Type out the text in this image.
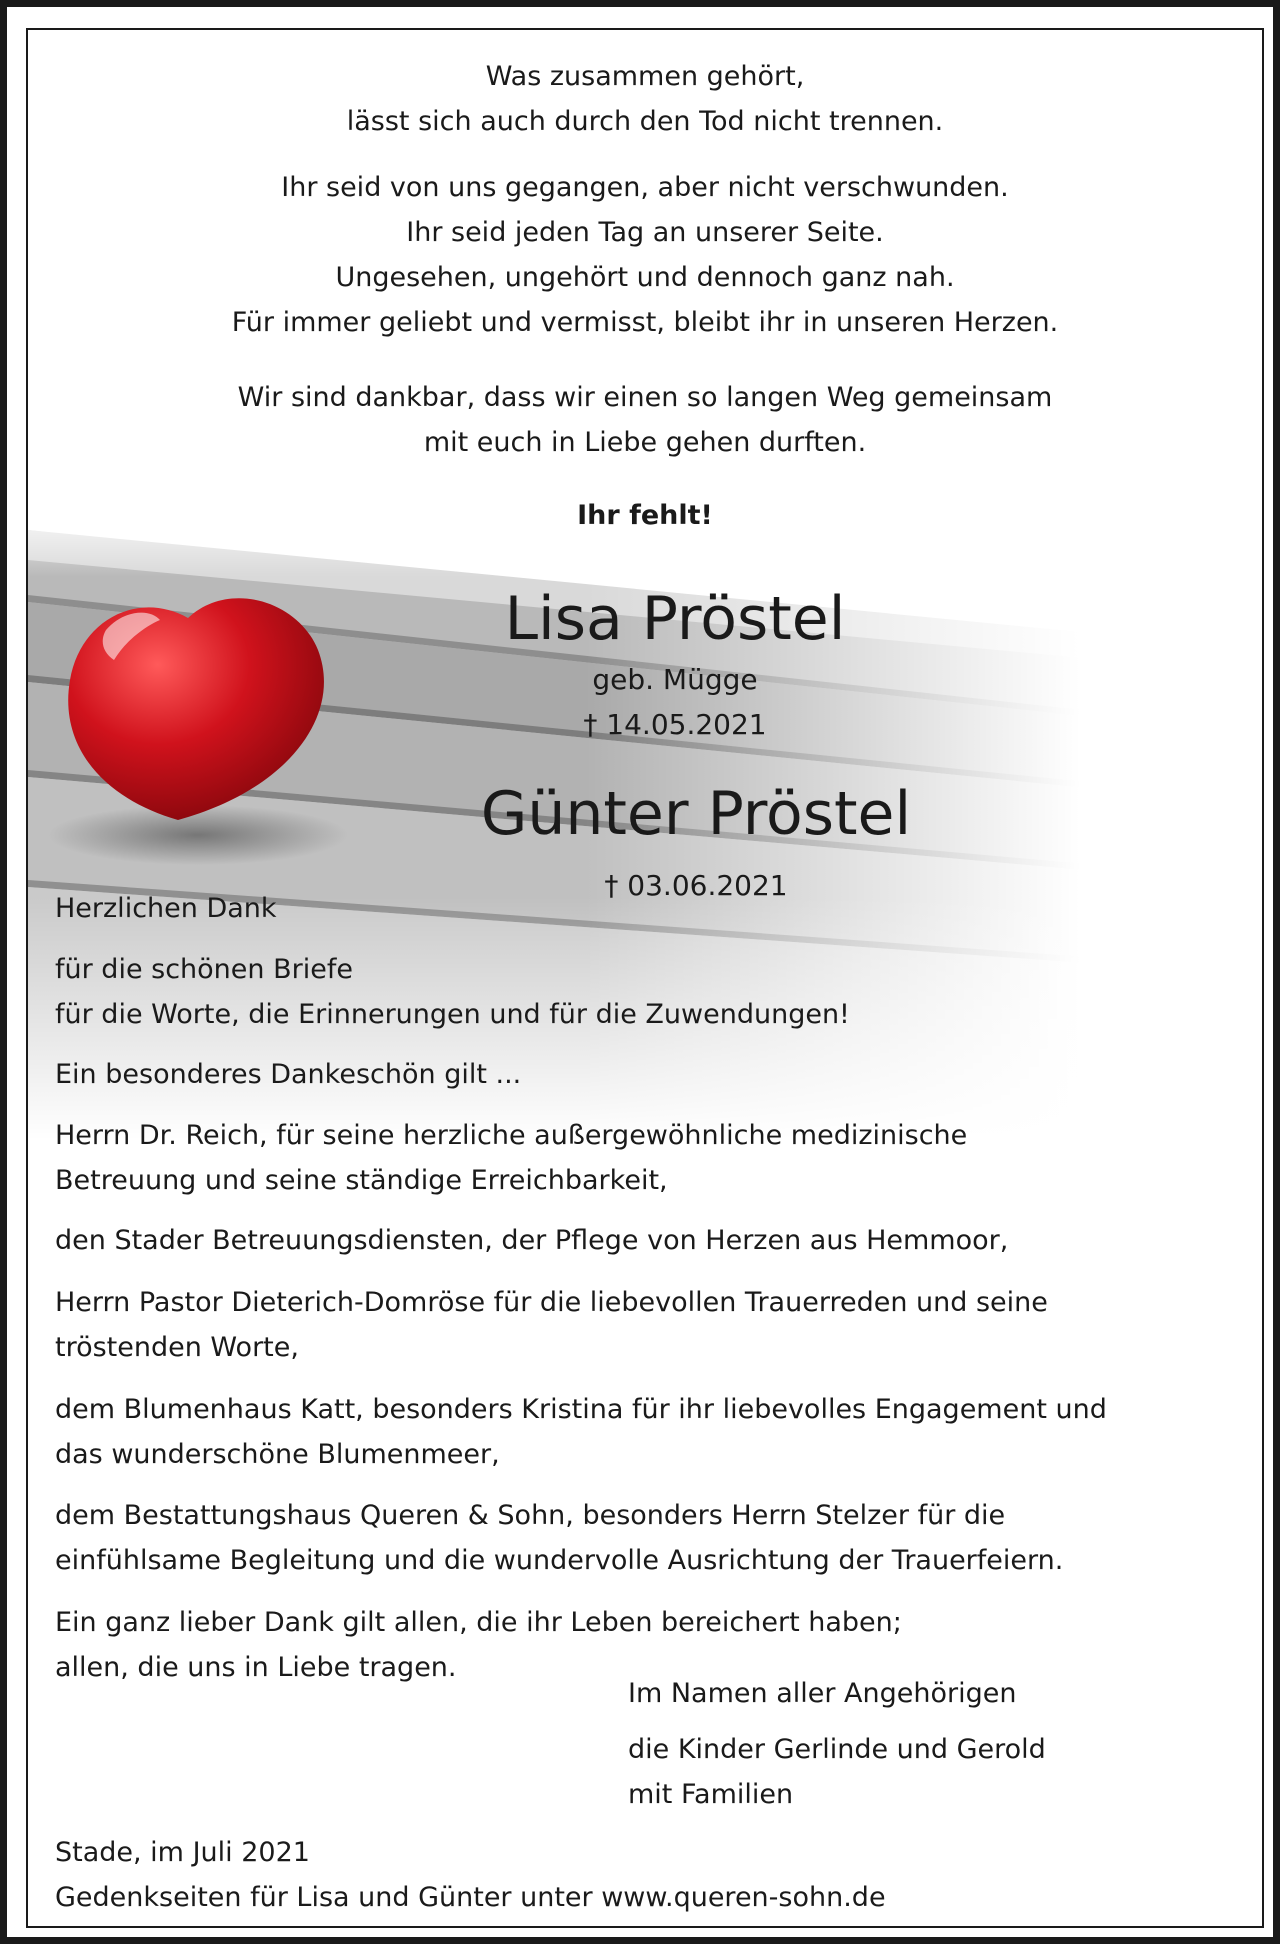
Was zusammen gehört,

lässt sich auch durch den Tod nicht trennen.

Ihr seid von uns gegangen, aber nicht verschwunden.

Ihr seid jeden Tag an unserer Seite.

Ungesehen, ungehört und dennoch ganz nah.

Für immer geliebt und vermisst, bleibt ihr in unseren Herzen.

Wir sind dankbar, dass wir einen so langen Weg gemeinsam

mit euch in Liebe gehen durften.

Ihr fehlt!

Lisa Pröstel

geb. Mügge

† 14.05.2021

Günter Pröstel

† 03.06.2021

Herzlichen Dank

für die schönen Briefe

für die Worte, die Erinnerungen und für die Zuwendungen!

Ein besonderes Dankeschön gilt ...

Herrn Dr. Reich, für seine herzliche außergewöhnliche medizinische

Betreuung und seine ständige Erreichbarkeit,

den Stader Betreuungsdiensten, der Pflege von Herzen aus Hemmoor,

Herrn Pastor Dieterich-Domröse für die liebevollen Trauerreden und seine

tröstenden Worte,

dem Blumenhaus Katt, besonders Kristina für ihr liebevolles Engagement und

das wunderschöne Blumenmeer,

dem Bestattungshaus Queren & Sohn, besonders Herrn Stelzer für die

einfühlsame Begleitung und die wundervolle Ausrichtung der Trauerfeiern.

Ein ganz lieber Dank gilt allen, die ihr Leben bereichert haben;

allen, die uns in Liebe tragen.

Im Namen aller Angehörigen

die Kinder Gerlinde und Gerold

mit Familien

Stade, im Juli 2021

Gedenkseiten für Lisa und Günter unter www.queren-sohn.de
